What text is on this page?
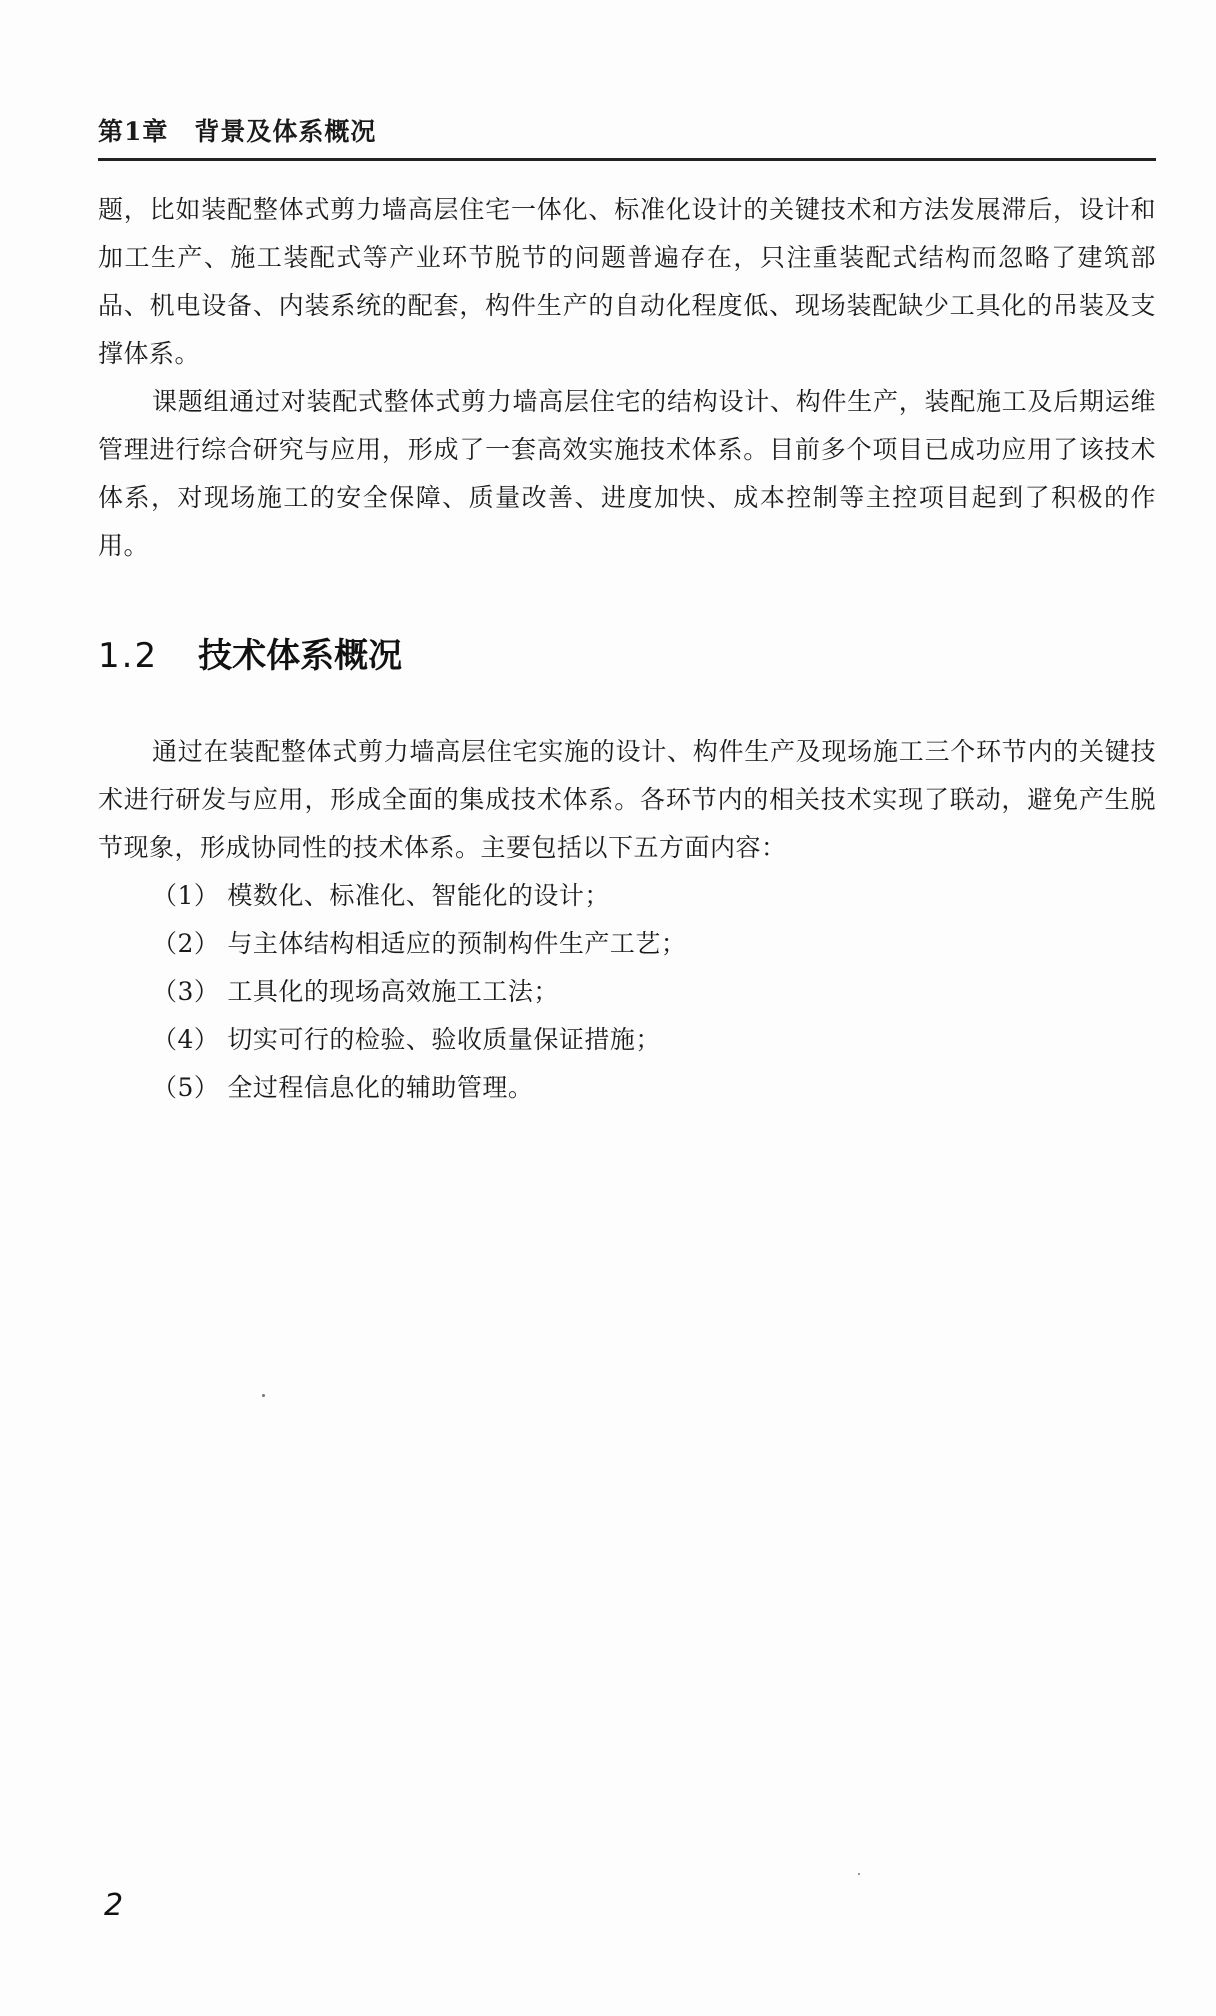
第1章　背景及体系概况

题，比如装配整体式剪力墙高层住宅一体化、标准化设计的关键技术和方法发展滞后，设计和加工生产、施工装配式等产业环节脱节的问题普遍存在，只注重装配式结构而忽略了建筑部品、机电设备、内装系统的配套，构件生产的自动化程度低、现场装配缺少工具化的吊装及支撑体系。

课题组通过对装配式整体式剪力墙高层住宅的结构设计、构件生产，装配施工及后期运维管理进行综合研究与应用，形成了一套高效实施技术体系。目前多个项目已成功应用了该技术体系，对现场施工的安全保障、质量改善、进度加快、成本控制等主控项目起到了积极的作用。

1.2 技术体系概况

通过在装配整体式剪力墙高层住宅实施的设计、构件生产及现场施工三个环节内的关键技术进行研发与应用，形成全面的集成技术体系。各环节内的相关技术实现了联动，避免产生脱节现象，形成协同性的技术体系。主要包括以下五方面内容：

（1） 模数化、标准化、智能化的设计；
（2） 与主体结构相适应的预制构件生产工艺；
（3） 工具化的现场高效施工工法；
（4） 切实可行的检验、验收质量保证措施；
（5） 全过程信息化的辅助管理。
2
